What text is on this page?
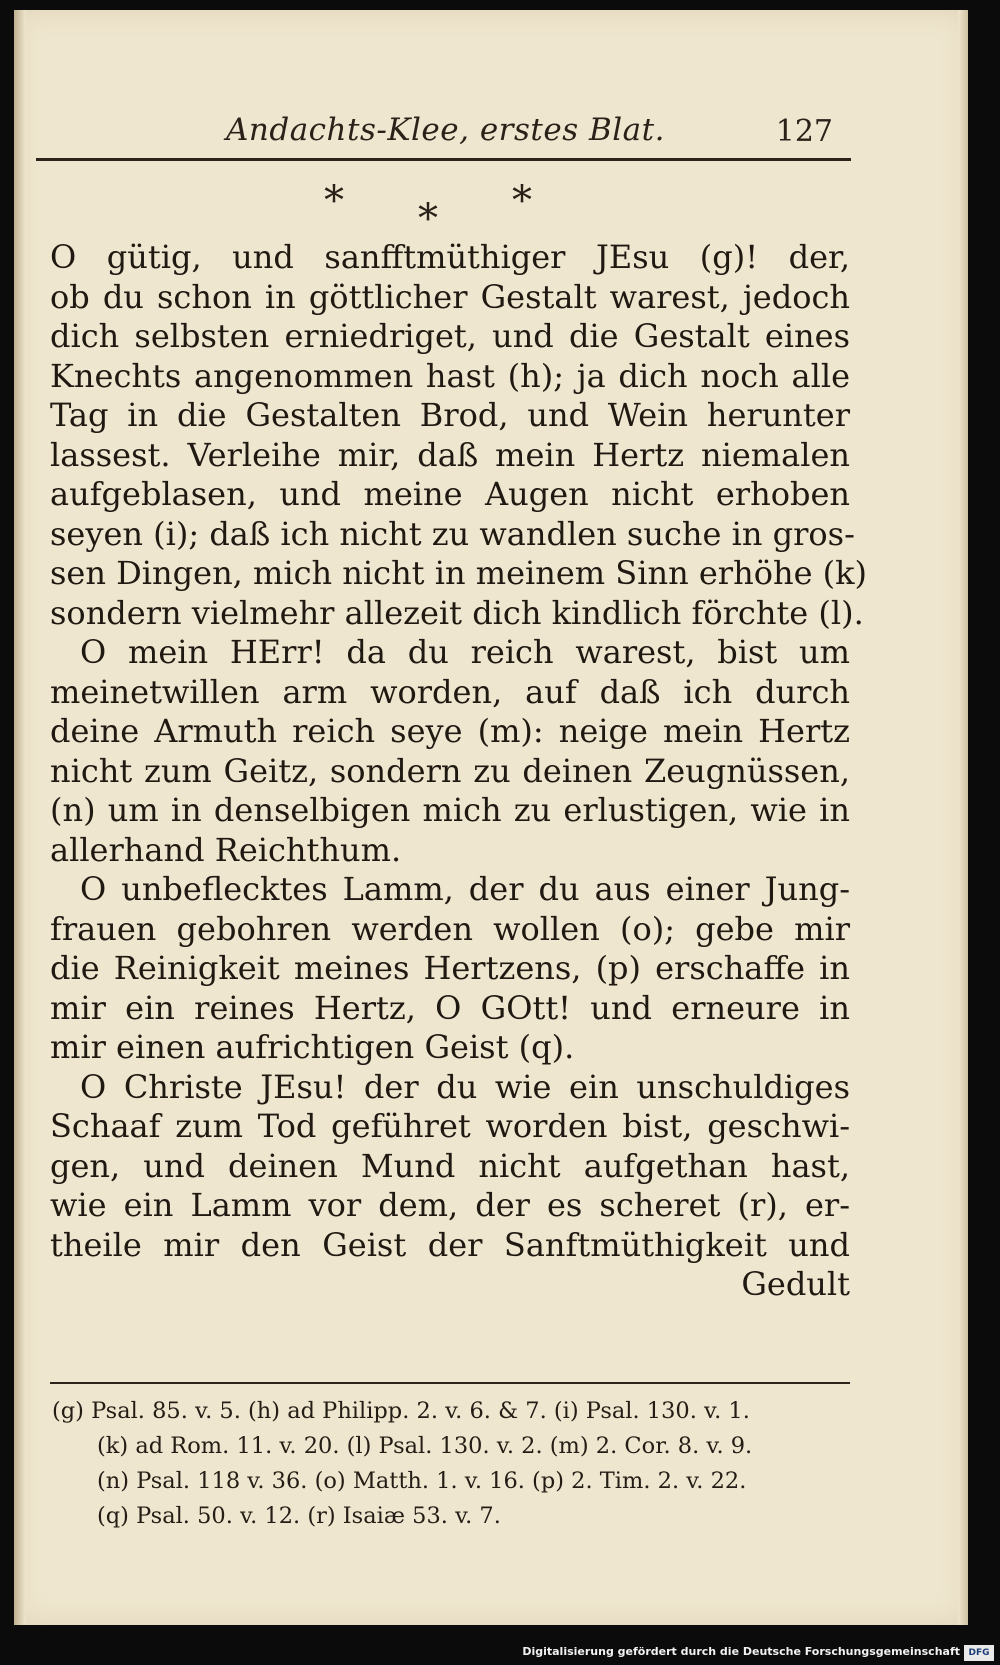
Andachts-Klee, erstes Blat.	127
* * *
O gütig, und sanfftmüthiger JEsu (g)! der,
ob du schon in göttlicher Gestalt warest, jedoch
dich selbsten erniedriget, und die Gestalt eines
Knechts angenommen hast (h); ja dich noch alle
Tag in die Gestalten Brod, und Wein herunter
lassest. Verleihe mir, daß mein Hertz niemalen
aufgeblasen, und meine Augen nicht erhoben
seyen (i); daß ich nicht zu wandlen suche in gros-
sen Dingen, mich nicht in meinem Sinn erhöhe (k)
sondern vielmehr allezeit dich kindlich förchte (l).
O mein HErr! da du reich warest, bist um
meinetwillen arm worden, auf daß ich durch
deine Armuth reich seye (m): neige mein Hertz
nicht zum Geitz, sondern zu deinen Zeugnüssen,
(n) um in denselbigen mich zu erlustigen, wie in
allerhand Reichthum.
O unbeflecktes Lamm, der du aus einer Jung-
frauen gebohren werden wollen (o); gebe mir
die Reinigkeit meines Hertzens, (p) erschaffe in
mir ein reines Hertz, O GOtt! und erneure in
mir einen aufrichtigen Geist (q).
O Christe JEsu! der du wie ein unschuldiges
Schaaf zum Tod geführet worden bist, geschwi-
gen, und deinen Mund nicht aufgethan hast,
wie ein Lamm vor dem, der es scheret (r), er-
theile mir den Geist der Sanftmüthigkeit und
Gedult
(g) Psal. 85. v. 5. (h) ad Philipp. 2. v. 6. & 7. (i) Psal. 130. v. 1.
(k) ad Rom. 11. v. 20. (l) Psal. 130. v. 2. (m) 2. Cor. 8. v. 9.
(n) Psal. 118 v. 36. (o) Matth. 1. v. 16. (p) 2. Tim. 2. v. 22.
(q) Psal. 50. v. 12. (r) Isaiæ 53. v. 7.
Digitalisierung gefördert durch die Deutsche Forschungsgemeinschaft DFG
